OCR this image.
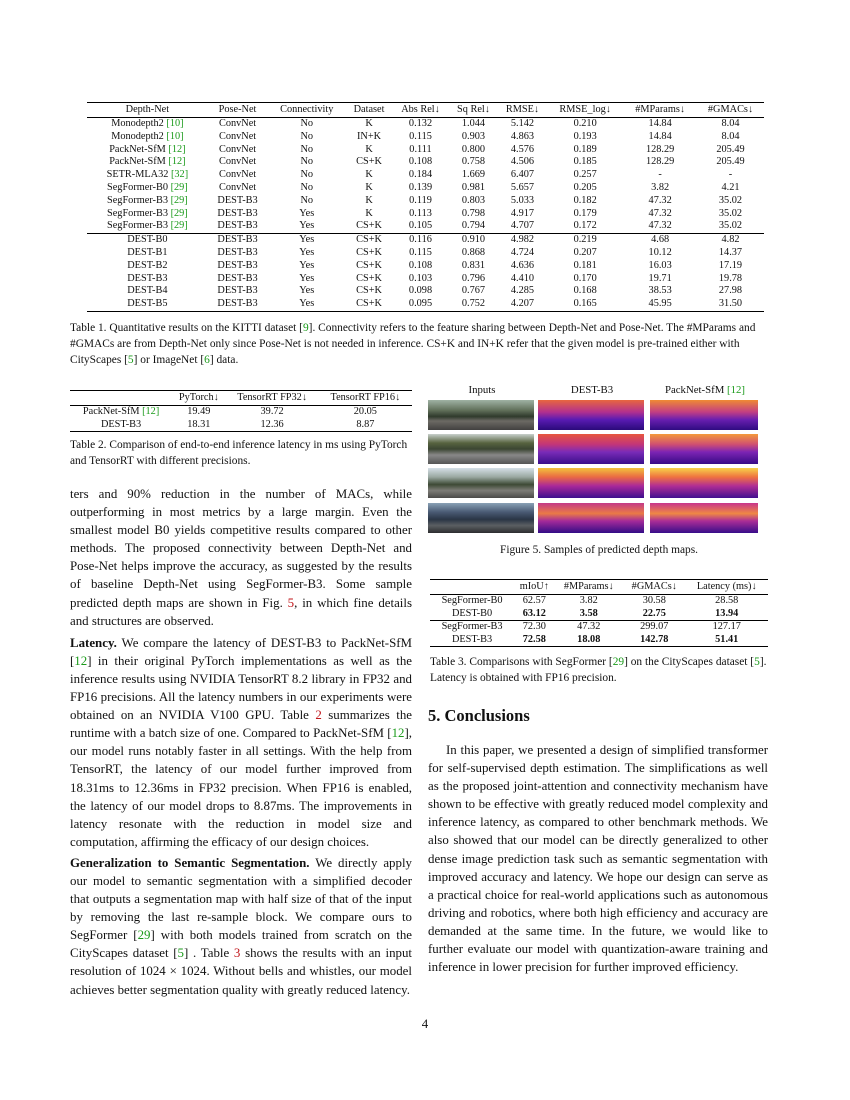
Depth-Net	Pose-Net	Connectivity	Dataset	Abs Rel↓	Sq Rel↓	RMSE↓	RMSE_log↓	#MParams↓	#GMACs↓
Monodepth2 [10]	ConvNet	No	K	0.132	1.044	5.142	0.210	14.84	8.04
Monodepth2 [10]	ConvNet	No	IN+K	0.115	0.903	4.863	0.193	14.84	8.04
PackNet-SfM [12]	ConvNet	No	K	0.111	0.800	4.576	0.189	128.29	205.49
PackNet-SfM [12]	ConvNet	No	CS+K	0.108	0.758	4.506	0.185	128.29	205.49
SETR-MLA32 [32]	ConvNet	No	K	0.184	1.669	6.407	0.257	-	-
SegFormer-B0 [29]	ConvNet	No	K	0.139	0.981	5.657	0.205	3.82	4.21
SegFormer-B3 [29]	DEST-B3	No	K	0.119	0.803	5.033	0.182	47.32	35.02
SegFormer-B3 [29]	DEST-B3	Yes	K	0.113	0.798	4.917	0.179	47.32	35.02
SegFormer-B3 [29]	DEST-B3	Yes	CS+K	0.105	0.794	4.707	0.172	47.32	35.02
DEST-B0	DEST-B3	Yes	CS+K	0.116	0.910	4.982	0.219	4.68	4.82
DEST-B1	DEST-B3	Yes	CS+K	0.115	0.868	4.724	0.207	10.12	14.37
DEST-B2	DEST-B3	Yes	CS+K	0.108	0.831	4.636	0.181	16.03	17.19
DEST-B3	DEST-B3	Yes	CS+K	0.103	0.796	4.410	0.170	19.71	19.78
DEST-B4	DEST-B3	Yes	CS+K	0.098	0.767	4.285	0.168	38.53	27.98
DEST-B5	DEST-B3	Yes	CS+K	0.095	0.752	4.207	0.165	45.95	31.50
Table 1. Quantitative results on the KITTI dataset [9]. Connectivity refers to the feature sharing between Depth-Net and Pose-Net. The #MParams and #GMACs are from Depth-Net only since Pose-Net is not needed in inference. CS+K and IN+K refer that the given model is pre-trained either with CityScapes [5] or ImageNet [6] data.
	PyTorch↓	TensorRT FP32↓	TensorRT FP16↓
PackNet-SfM [12]	19.49	39.72	20.05
DEST-B3	18.31	12.36	8.87
Table 2. Comparison of end-to-end inference latency in ms using PyTorch and TensorRT with different precisions.
Inputs	DEST-B3	PackNet-SfM [12]
Figure 5. Samples of predicted depth maps.
	mIoU↑	#MParams↓	#GMACs↓	Latency (ms)↓
SegFormer-B0	62.57	3.82	30.58	28.58
DEST-B0	63.12	3.58	22.75	13.94
SegFormer-B3	72.30	47.32	299.07	127.17
DEST-B3	72.58	18.08	142.78	51.41
Table 3. Comparisons with SegFormer [29] on the CityScapes dataset [5]. Latency is obtained with FP16 precision.

ters and 90% reduction in the number of MACs, while outperforming in most metrics by a large margin. Even the smallest model B0 yields competitive results compared to other methods. The proposed connectivity between Depth-Net and Pose-Net helps improve the accuracy, as suggested by the results of baseline Depth-Net using SegFormer-B3. Some sample predicted depth maps are shown in Fig. 5, in which fine details and structures are observed.

Latency. We compare the latency of DEST-B3 to PackNet-SfM [12] in their original PyTorch implementations as well as the inference results using NVIDIA TensorRT 8.2 library in FP32 and FP16 precisions. All the latency numbers in our experiments were obtained on an NVIDIA V100 GPU. Table 2 summarizes the runtime with a batch size of one. Compared to PackNet-SfM [12], our model runs notably faster in all settings. With the help from TensorRT, the latency of our model further improved from 18.31ms to 12.36ms in FP32 precision. When FP16 is enabled, the latency of our model drops to 8.87ms. The improvements in latency resonate with the reduction in model size and computation, affirming the efficacy of our design choices.

Generalization to Semantic Segmentation. We directly apply our model to semantic segmentation with a simplified decoder that outputs a segmentation map with half size of that of the input by removing the last re-sample block. We compare ours to SegFormer [29] with both models trained from scratch on the CityScapes dataset [5] . Table 3 shows the results with an input resolution of 1024 × 1024. Without bells and whistles, our model achieves better segmentation quality with greatly reduced latency.

5. Conclusions

In this paper, we presented a design of simplified transformer for self-supervised depth estimation. The simplifications as well as the proposed joint-attention and connectivity mechanism have shown to be effective with greatly reduced model complexity and inference latency, as compared to other benchmark methods. We also showed that our model can be directly generalized to other dense image prediction task such as semantic segmentation with improved accuracy and latency. We hope our design can serve as a practical choice for real-world applications such as autonomous driving and robotics, where both high efficiency and accuracy are demanded at the same time. In the future, we would like to further evaluate our model with quantization-aware training and inference in lower precision for further improved efficiency.

4
